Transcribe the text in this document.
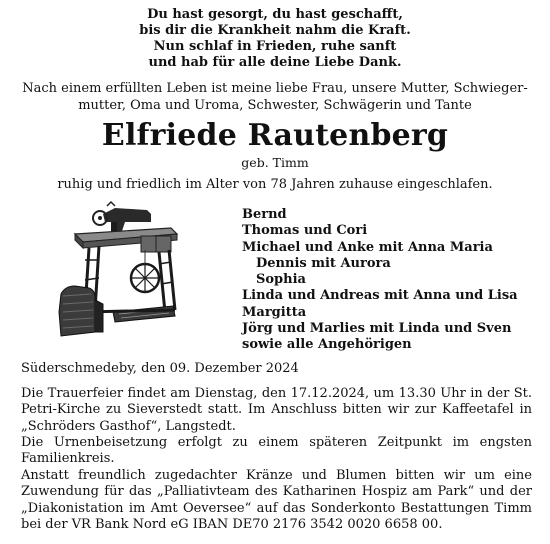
Du hast gesorgt, du hast geschafft,
bis dir die Krankheit nahm die Kraft.
Nun schlaf in Frieden, ruhe sanft
und hab für alle deine Liebe Dank.
Nach einem erfüllten Leben ist meine liebe Frau, unsere Mutter, Schwieger-mutter, Oma und Uroma, Schwester, Schwägerin und Tante
Elfriede Rautenberg
geb. Timm
ruhig und friedlich im Alter von 78 Jahren zuhause eingeschlafen.
Bernd
Thomas und Cori
Michael und Anke mit Anna Maria
Dennis mit Aurora
Sophia
Linda und Andreas mit Anna und Lisa
Margitta
Jörg und Marlies mit Linda und Sven
sowie alle Angehörigen
Süderschmedeby, den 09. Dezember 2024
Die Trauerfeier findet am Dienstag, den 17.12.2024, um 13.30 Uhr in der St. Petri-Kirche zu Sieverstedt statt. Im Anschluss bitten wir zur Kaffeetafel in „Schröders Gasthof“, Langstedt.
Die Urnenbeisetzung erfolgt zu einem späteren Zeitpunkt im engsten Familienkreis.
Anstatt freundlich zugedachter Kränze und Blumen bitten wir um eine Zuwendung für das „Palliativteam des Katharinen Hospiz am Park“ und der „Diakonistation im Amt Oeversee“ auf das Sonderkonto Bestattungen Timm bei der VR Bank Nord eG IBAN DE70 2176 3542 0020 6658 00.
